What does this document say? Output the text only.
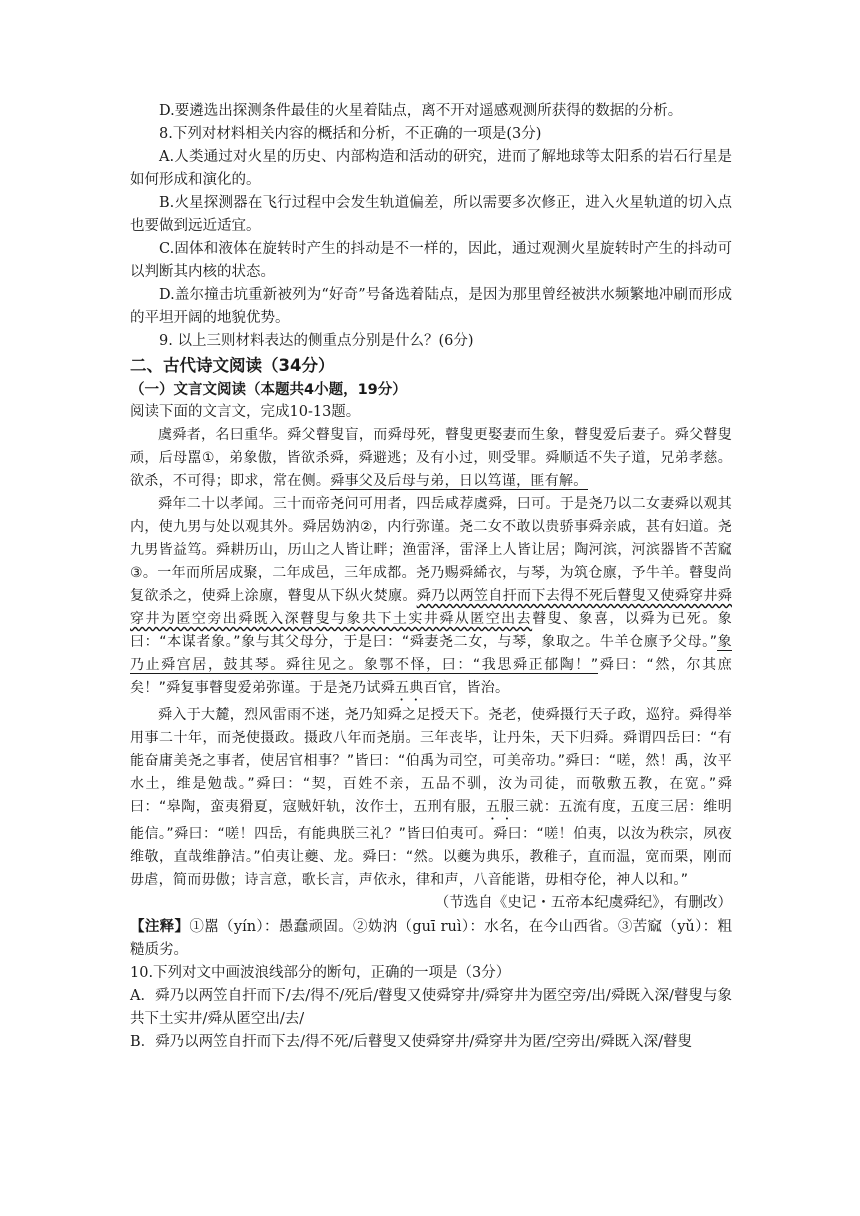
D.要遴选出探测条件最佳的火星着陆点，离不开对遥感观测所获得的数据的分析。

8.下列对材料相关内容的概括和分析，不正确的一项是(3分)

A.人类通过对火星的历史、内部构造和活动的研究，进而了解地球等太阳系的岩石行星是如何形成和演化的。

B.火星探测器在飞行过程中会发生轨道偏差，所以需要多次修正，进入火星轨道的切入点也要做到远近适宜。

C.固体和液体在旋转时产生的抖动是不一样的，因此，通过观测火星旋转时产生的抖动可以判断其内核的状态。

D.盖尔撞击坑重新被列为“好奇”号备选着陆点，是因为那里曾经被洪水频繁地冲刷而形成的平坦开阔的地貌优势。

9. 以上三则材料表达的侧重点分别是什么？(6分)

二、古代诗文阅读（34分）

（一）文言文阅读（本题共4小题，19分）

阅读下面的文言文，完成10-13题。

虞舜者，名曰重华。舜父瞽叟盲，而舜母死，瞽叟更娶妻而生象，瞽叟爱后妻子。舜父瞽叟顽，后母嚚①，弟象傲，皆欲杀舜，舜避逃；及有小过，则受罪。舜顺适不失子道，兄弟孝慈。欲杀，不可得；即求，常在侧。舜事父及后母与弟，日以笃谨，匪有解。

舜年二十以孝闻。三十而帝尧问可用者，四岳咸荐虞舜，曰可。于是尧乃以二女妻舜以观其内，使九男与处以观其外。舜居妫汭②，内行弥谨。尧二女不敢以贵骄事舜亲戚，甚有妇道。尧九男皆益笃。舜耕历山，历山之人皆让畔；渔雷泽，雷泽上人皆让居；陶河滨，河滨器皆不苦窳③。一年而所居成聚，二年成邑，三年成都。尧乃赐舜絺衣，与琴，为筑仓廪，予牛羊。瞽叟尚复欲杀之，使舜上涂廪，瞽叟从下纵火焚廪。舜乃以两笠自扞而下去得不死后瞽叟又使舜穿井舜穿井为匿空旁出舜既入深瞽叟与象共下土实井舜从匿空出去瞽叟、象喜，以舜为已死。象曰：“本谋者象。”象与其父母分，于是曰：“舜妻尧二女，与琴，象取之。牛羊仓廪予父母。”象乃止舜宫居，鼓其琴。舜往见之。象鄂不怿，曰：“我思舜正郁陶！”舜曰：“然，尔其庶矣！”舜复事瞽叟爱弟弥谨。于是尧乃试舜五典百官，皆治。

舜入于大麓，烈风雷雨不迷，尧乃知舜之足授天下。尧老，使舜摄行天子政，巡狩。舜得举用事二十年，而尧使摄政。摄政八年而尧崩。三年丧毕，让丹朱，天下归舜。舜谓四岳曰：“有能奋庸美尧之事者，使居官相事？”皆曰：“伯禹为司空，可美帝功。”舜曰：“嗟，然！禹，汝平水土，维是勉哉。”舜曰：“契，百姓不亲，五品不驯，汝为司徒，而敬敷五教，在宽。”舜曰：“皋陶，蛮夷猾夏，寇贼奸轨，汝作士，五刑有服，五服三就：五流有度，五度三居：维明能信。”舜曰：“嗟！四岳，有能典朕三礼？”皆曰伯夷可。舜曰：“嗟！伯夷，以汝为秩宗，夙夜维敬，直哉维静洁。”伯夷让夔、龙。舜曰：“然。以夔为典乐，教稚子，直而温，宽而栗，刚而毋虐，简而毋傲；诗言意，歌长言，声依永，律和声，八音能谐，毋相夺伦，神人以和。”

（节选自《史记・五帝本纪虞舜纪》，有删改）

【注释】①嚚（yín）：愚蠢顽固。②妫汭（guī ruì）：水名，在今山西省。③苦窳（yǔ）：粗糙质劣。

10.下列对文中画波浪线部分的断句，正确的一项是（3分）

A．舜乃以两笠自扞而下/去/得不/死后/瞽叟又使舜穿井/舜穿井为匿空旁/出/舜既入深/瞽叟与象共下土实井/舜从匿空出/去/

B．舜乃以两笠自扞而下去/得不死/后瞽叟又使舜穿井/舜穿井为匿/空旁出/舜既入深/瞽叟
